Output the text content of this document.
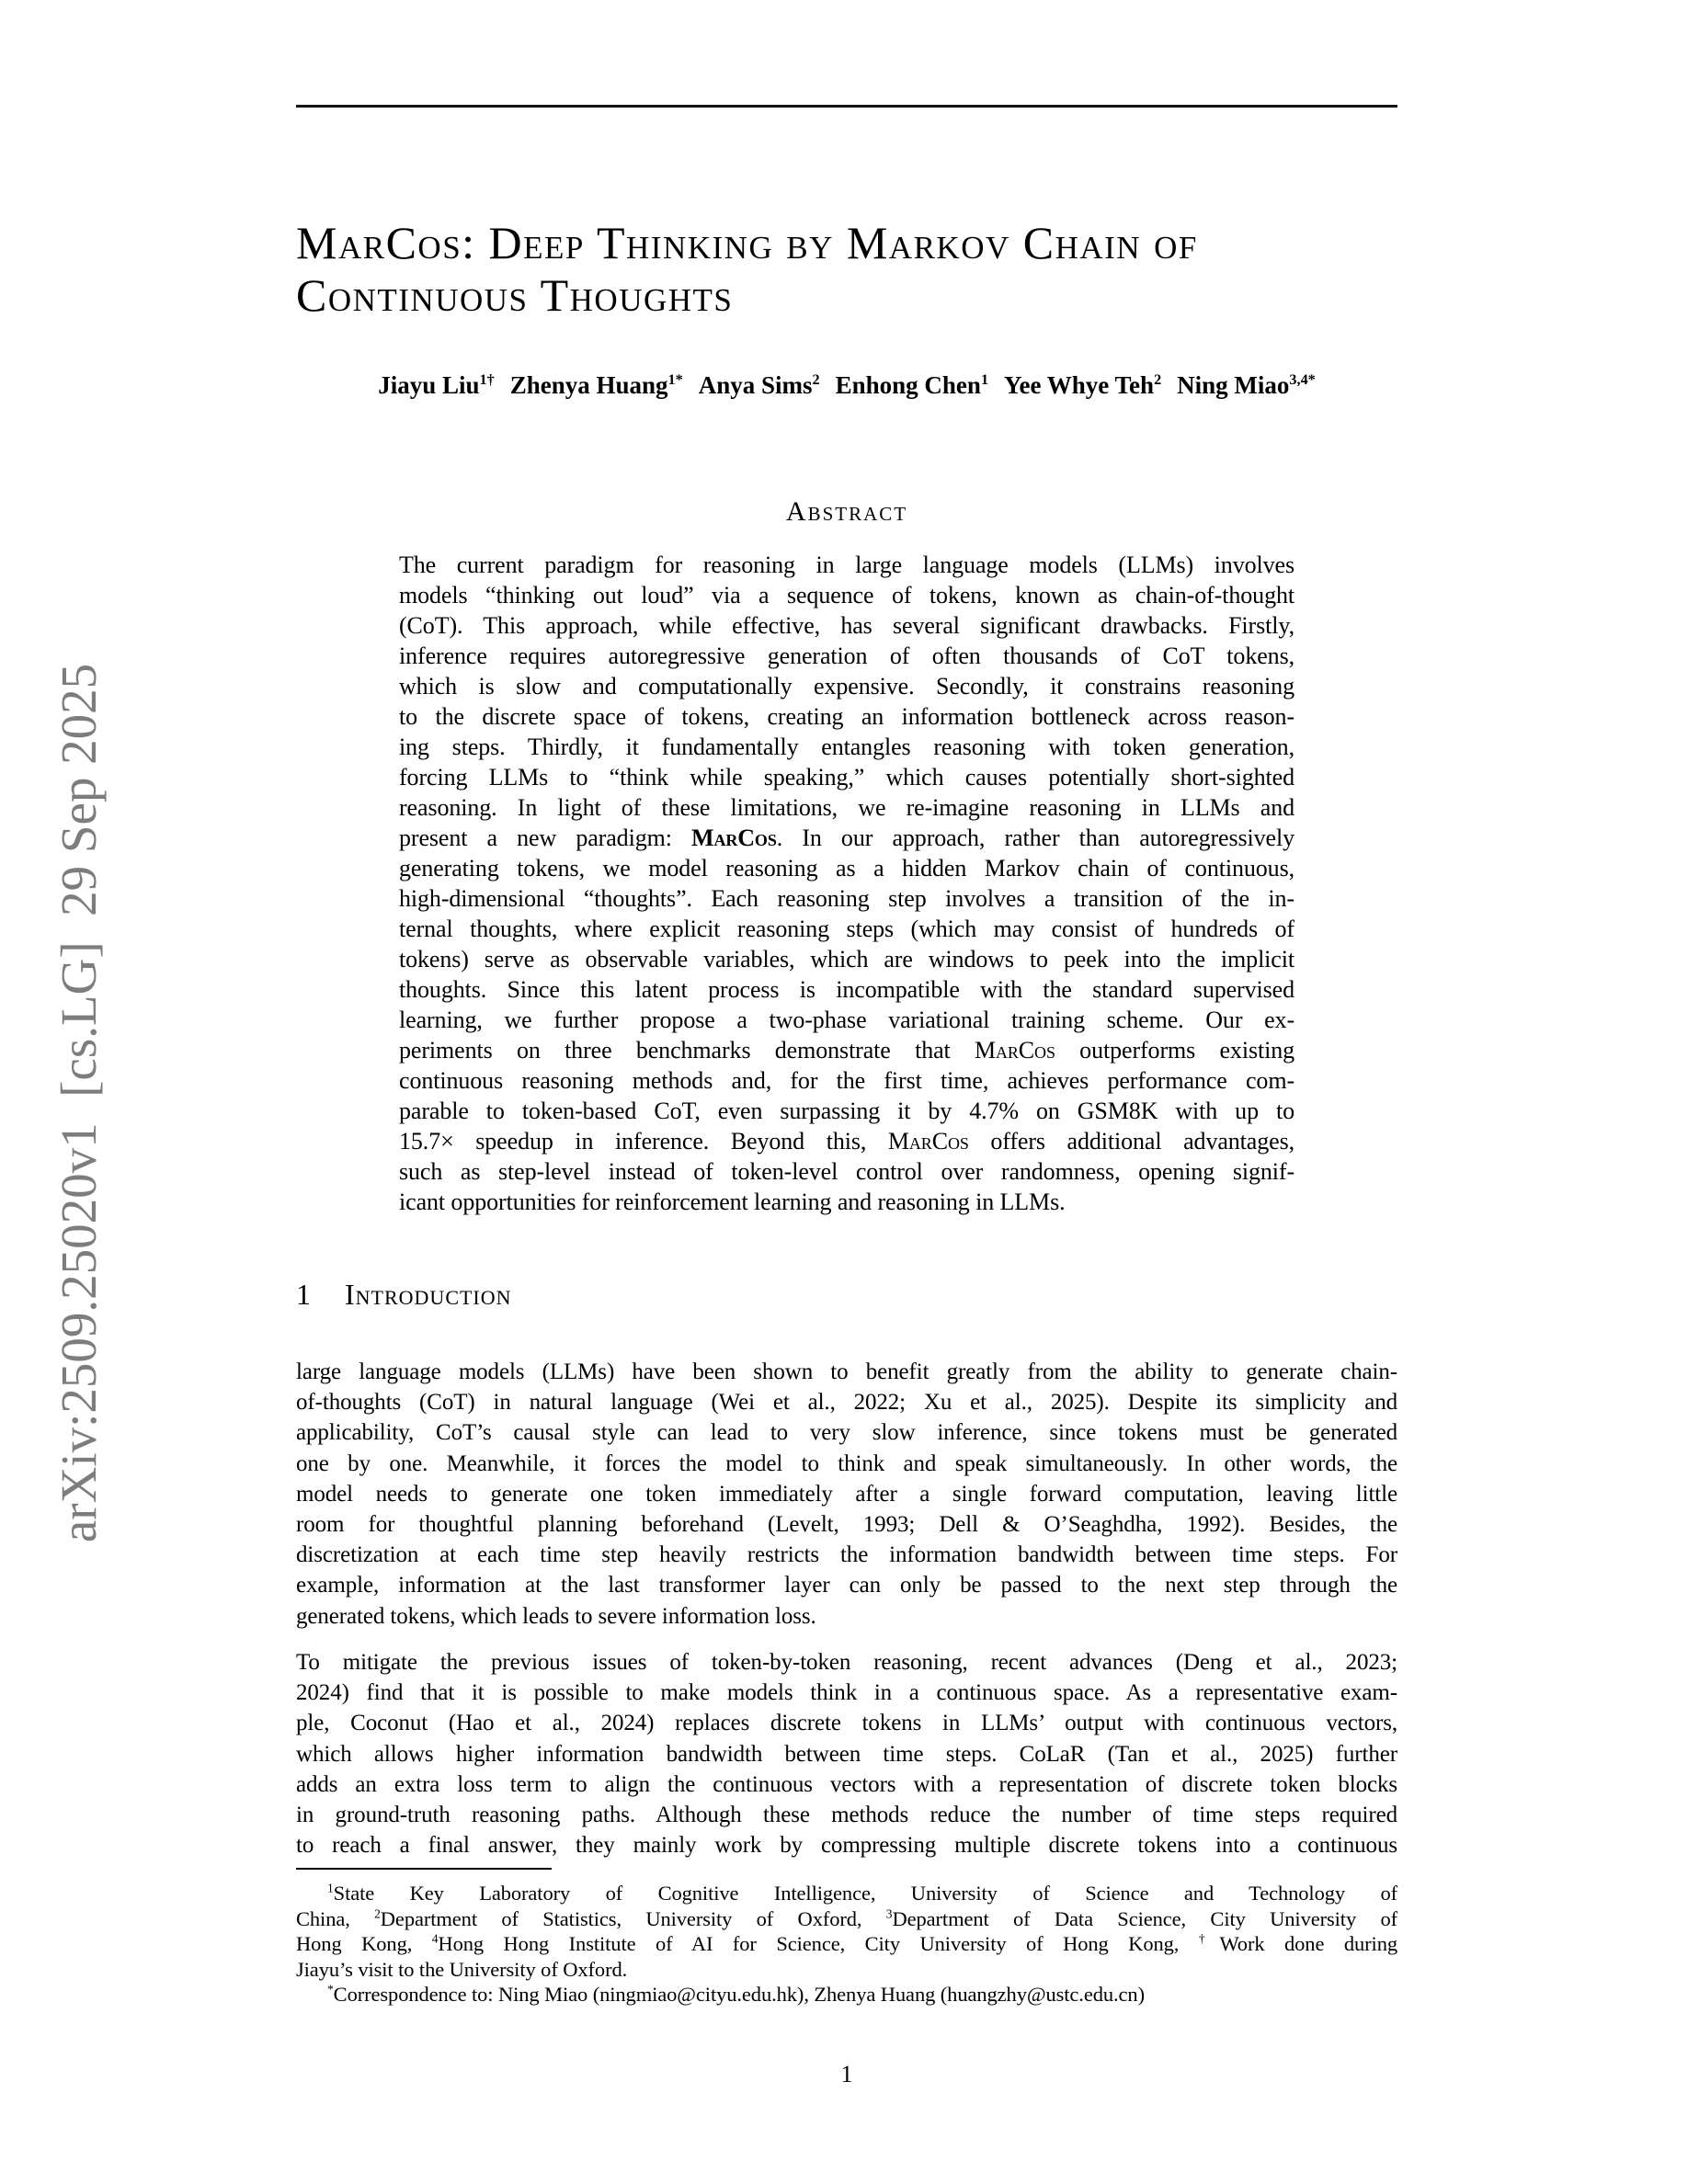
arXiv:2509.25020v1 [cs.LG] 29 Sep 2025
MarCos: Deep Thinking by Markov Chain of
Continuous Thoughts
Jiayu Liu$^{1\dagger}$ Zhenya Huang$^{1*}$ Anya Sims$^2$ Enhong Chen$^1$ Yee Whye Teh$^2$ Ning Miao$^{3,4*}$
Abstract
The current paradigm for reasoning in large language models (LLMs) involves
models “thinking out loud” via a sequence of tokens, known as chain-of-thought
(CoT). This approach, while effective, has several significant drawbacks. Firstly,
inference requires autoregressive generation of often thousands of CoT tokens,
which is slow and computationally expensive. Secondly, it constrains reasoning
to the discrete space of tokens, creating an information bottleneck across reason-
ing steps. Thirdly, it fundamentally entangles reasoning with token generation,
forcing LLMs to “think while speaking,” which causes potentially short-sighted
reasoning. In light of these limitations, we re-imagine reasoning in LLMs and
present a new paradigm: MarCos. In our approach, rather than autoregressively
generating tokens, we model reasoning as a hidden Markov chain of continuous,
high-dimensional “thoughts”. Each reasoning step involves a transition of the in-
ternal thoughts, where explicit reasoning steps (which may consist of hundreds of
tokens) serve as observable variables, which are windows to peek into the implicit
thoughts. Since this latent process is incompatible with the standard supervised
learning, we further propose a two-phase variational training scheme. Our ex-
periments on three benchmarks demonstrate that MarCos outperforms existing
continuous reasoning methods and, for the first time, achieves performance com-
parable to token-based CoT, even surpassing it by 4.7% on GSM8K with up to
15.7× speedup in inference. Beyond this, MarCos offers additional advantages,
such as step-level instead of token-level control over randomness, opening signif-
icant opportunities for reinforcement learning and reasoning in LLMs.
1 Introduction
large language models (LLMs) have been shown to benefit greatly from the ability to generate chain-
of-thoughts (CoT) in natural language (Wei et al., 2022; Xu et al., 2025). Despite its simplicity and
applicability, CoT’s causal style can lead to very slow inference, since tokens must be generated
one by one. Meanwhile, it forces the model to think and speak simultaneously. In other words, the
model needs to generate one token immediately after a single forward computation, leaving little
room for thoughtful planning beforehand (Levelt, 1993; Dell & O’Seaghdha, 1992). Besides, the
discretization at each time step heavily restricts the information bandwidth between time steps. For
example, information at the last transformer layer can only be passed to the next step through the
generated tokens, which leads to severe information loss.
To mitigate the previous issues of token-by-token reasoning, recent advances (Deng et al., 2023;
2024) find that it is possible to make models think in a continuous space. As a representative exam-
ple, Coconut (Hao et al., 2024) replaces discrete tokens in LLMs’ output with continuous vectors,
which allows higher information bandwidth between time steps. CoLaR (Tan et al., 2025) further
adds an extra loss term to align the continuous vectors with a representation of discrete token blocks
in ground-truth reasoning paths. Although these methods reduce the number of time steps required
to reach a final answer, they mainly work by compressing multiple discrete tokens into a continuous
$^1$State Key Laboratory of Cognitive Intelligence, University of Science and Technology of
China, $^2$Department of Statistics, University of Oxford, $^3$Department of Data Science, City University of
Hong Kong, $^4$Hong Hong Institute of AI for Science, City University of Hong Kong, †Work done during
Jiayu’s visit to the University of Oxford.
*Correspondence to: Ning Miao (ningmiao@cityu.edu.hk), Zhenya Huang (huangzhy@ustc.edu.cn)
1
